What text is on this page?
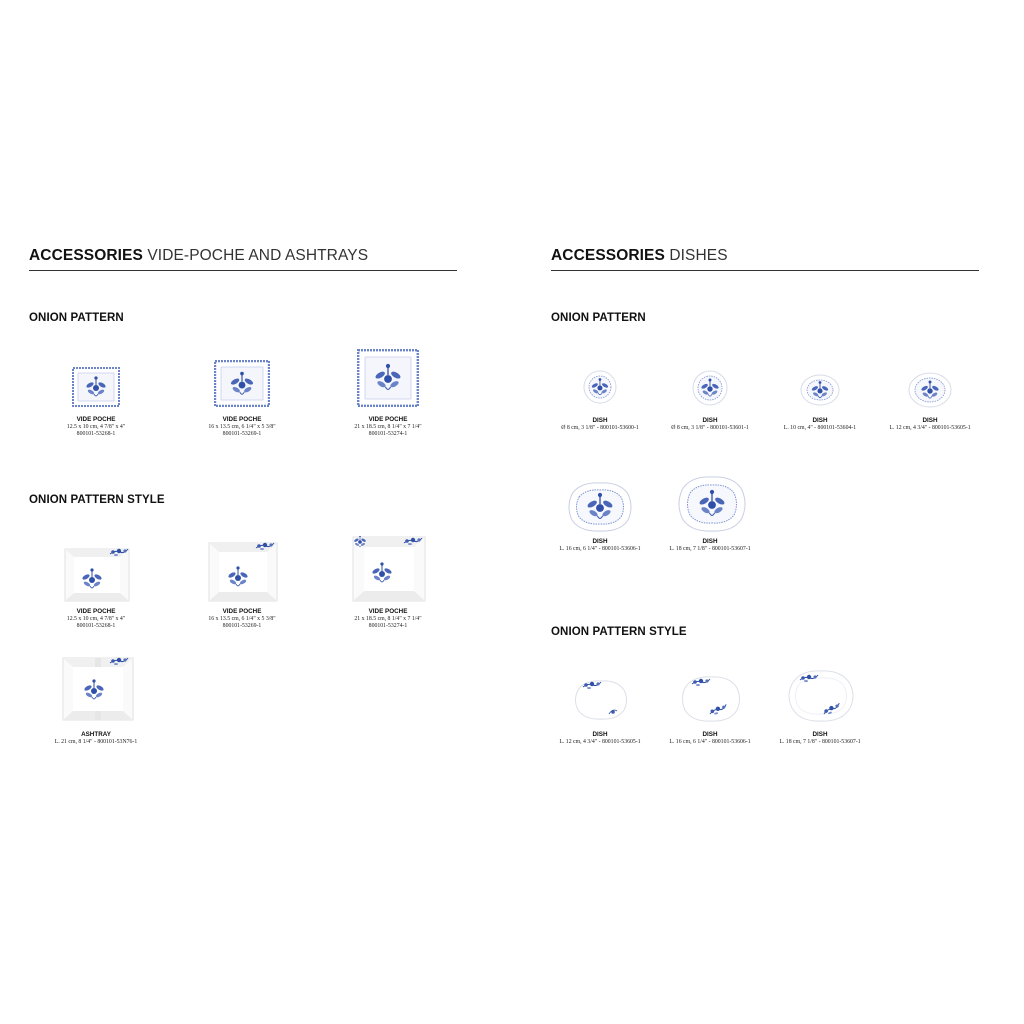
ACCESSORIES VIDE-POCHE AND ASHTRAYS
ONION PATTERN
VIDE POCHE
12.5 x 10 cm, 4 7/8" x 4"
800101-53268-1
VIDE POCHE
16 x 13.5 cm, 6 1/4" x 5 3/8"
800101-53269-1
VIDE POCHE
21 x 18.5 cm, 8 1/4" x 7 1/4"
800101-53274-1
ONION PATTERN STYLE
VIDE POCHE
12.5 x 10 cm, 4 7/8" x 4"
800101-53268-1
VIDE POCHE
16 x 13.5 cm, 6 1/4" x 5 3/8"
800101-53269-1
VIDE POCHE
21 x 18.5 cm, 8 1/4" x 7 1/4"
800101-53274-1
ASHTRAY
L. 21 cm, 8 1/4" - 800101-53N76-1
ACCESSORIES DISHES
ONION PATTERN
DISH
Ø 8 cm, 3 1/8" - 800101-53600-1
DISH
Ø 8 cm, 3 1/8" - 800101-53601-1
DISH
L. 10 cm, 4" - 800101-53604-1
DISH
L. 12 cm, 4 3/4" - 800101-53605-1
DISH
L. 16 cm, 6 1/4" - 800101-53606-1
DISH
L. 18 cm, 7 1/8" - 800101-53607-1
ONION PATTERN STYLE
DISH
L. 12 cm, 4 3/4" - 800101-53605-1
DISH
L. 16 cm, 6 1/4" - 800101-53606-1
DISH
L. 18 cm, 7 1/8" - 800101-53607-1
